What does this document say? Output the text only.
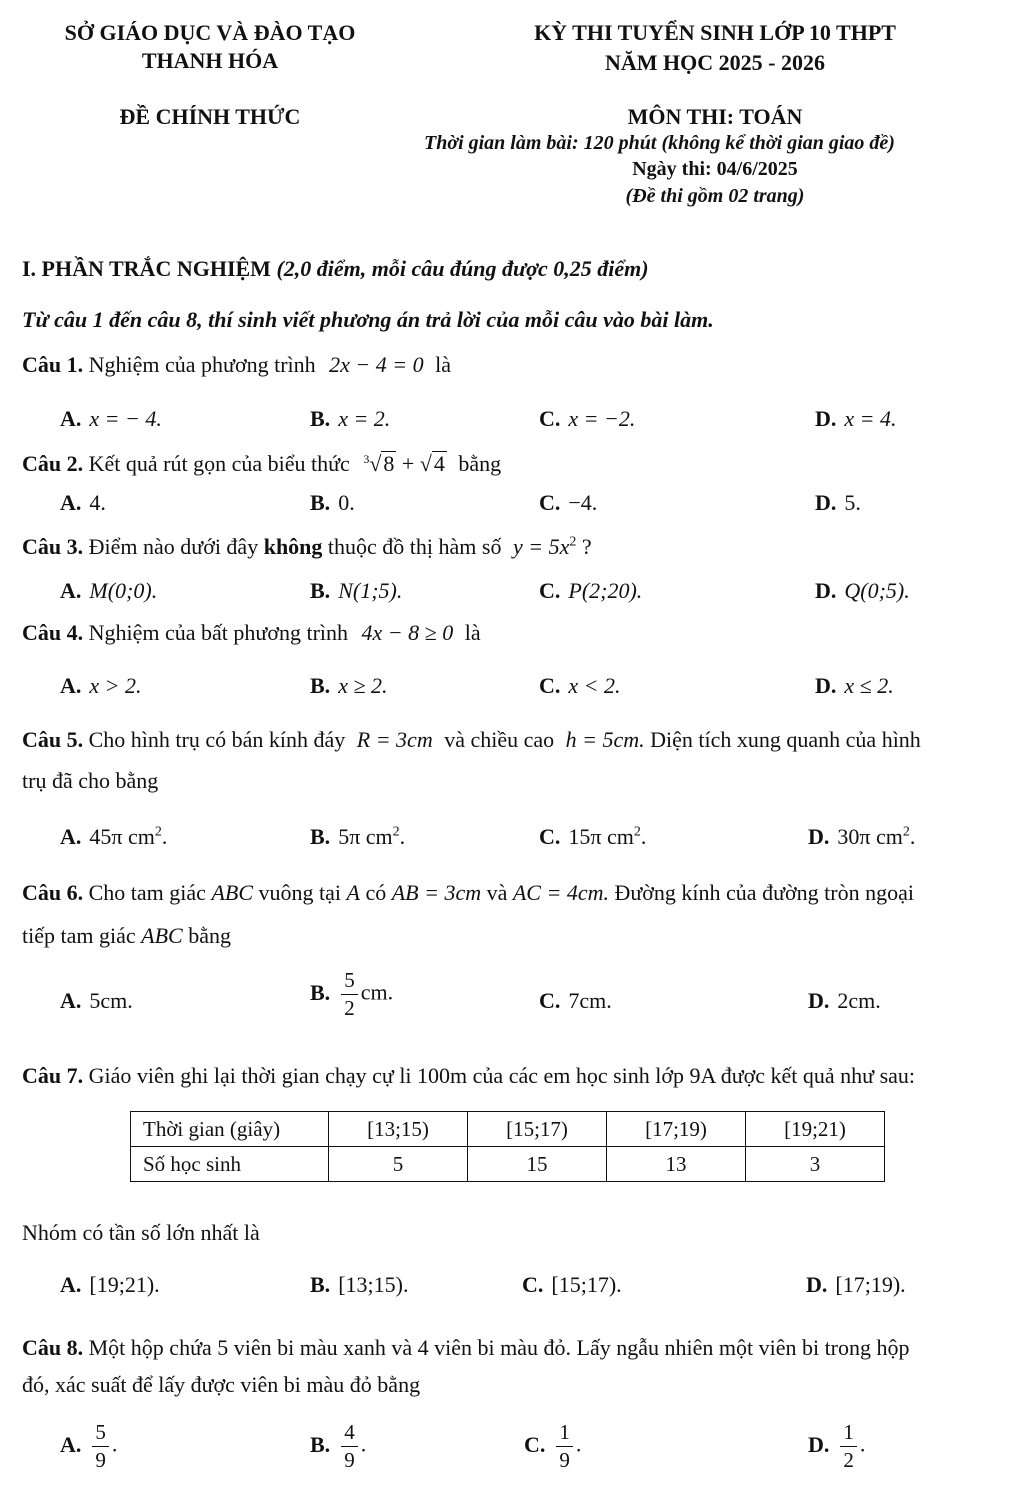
SỞ GIÁO DỤC VÀ ĐÀO TẠO
THANH HÓA
KỲ THI TUYỂN SINH LỚP 10 THPT
NĂM HỌC 2025 - 2026
ĐỀ CHÍNH THỨC	MÔN THI: TOÁN
Thời gian làm bài: 120 phút (không kể thời gian giao đề)
Ngày thi: 04/6/2025
(Đề thi gồm 02 trang)
I. PHẦN TRẮC NGHIỆM (2,0 điểm, mỗi câu đúng được 0,25 điểm)
Từ câu 1 đến câu 8, thí sinh viết phương án trả lời của mỗi câu vào bài làm.
Câu 1. Nghiệm của phương trình 2x − 4 = 0 là
A. x = − 4.	B. x = 2.	C. x = −2.	D. x = 4.
Câu 2. Kết quả rút gọn của biểu thức $^3$√8 + √4 bằng
A. 4.	B. 0.	C. −4.	D. 5.
Câu 3. Điểm nào dưới đây không thuộc đồ thị hàm số $y = 5x^2$ ?
A. M(0;0).	B. N(1;5).	C. P(2;20).	D. Q(0;5).
Câu 4. Nghiệm của bất phương trình 4x − 8 ≥ 0 là
A. x > 2.	B. x ≥ 2.	C. x < 2.	D. x ≤ 2.
Câu 5. Cho hình trụ có bán kính đáy R = 3cm và chiều cao h = 5cm. Diện tích xung quanh của hình
trụ đã cho bằng
A. 45π $cm^2$.	B. 5π $cm^2$.	C. 15π $cm^2$.	D. 30π $cm^2$.
Câu 6. Cho tam giác ABC vuông tại A có AB = 3cm và AC = 4cm. Đường kính của đường tròn ngoại
tiếp tam giác ABC bằng
A. 5cm.	B. $\frac{5}{2}$ cm.	C. 7cm.	D. 2cm.
Câu 7. Giáo viên ghi lại thời gian chạy cự li 100m của các em học sinh lớp 9A được kết quả như sau:
Thời gian (giây)	[13;15)	[15;17)	[17;19)	[19;21)
Số học sinh	5	15	13	3
Nhóm có tần số lớn nhất là
A. [19;21).	B. [13;15).	C. [15;17).	D. [17;19).
Câu 8. Một hộp chứa 5 viên bi màu xanh và 4 viên bi màu đỏ. Lấy ngẫu nhiên một viên bi trong hộp
đó, xác suất để lấy được viên bi màu đỏ bằng
A. $\frac{5}{9}$ .	B. $\frac{4}{9}$ .	C. $\frac{1}{9}$ .	D. $\frac{1}{2}$ .
